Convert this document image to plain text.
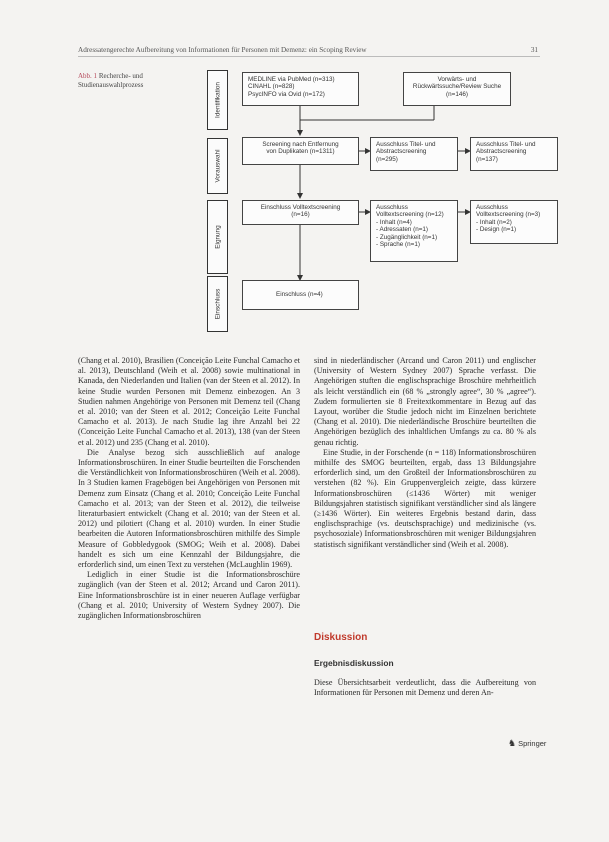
Adressatengerechte Aufbereitung von Informationen für Personen mit Demenz: ein Scoping Review	31
Abb. 1 Recherche- und Studienauswahlprozess	Identifikation
Vorauswahl
Eignung
Einschluss
MEDLINE via PubMed (n=313)
CINAHL (n=828)
PsycINFO via Ovid (n=172)
Vorwärts- und
Rückwärtssuche/Review Suche
(n=146)
Screening nach Entfernung
von Duplikaten (n=1311)
Ausschluss Titel- und
Abstractscreening
(n=295)
Ausschluss Titel- und
Abstractscreening
(n=137)
Einschluss Volltextscreening
(n=16)
Ausschluss
Volltextscreening (n=12)
- Inhalt (n=4)
- Adressaten (n=1)
- Zugänglichkeit (n=1)
- Sprache (n=1)
Ausschluss
Volltextscreening (n=3)
- Inhalt (n=2)
- Design (n=1)
Einschluss (n=4)

(Chang et al. 2010), Brasilien (Conceição Leite Funchal Camacho et al. 2013), Deutschland (Weih et al. 2008) sowie multinational in Kanada, den Niederlanden und Italien (van der Steen et al. 2012). In keine Studie wurden Personen mit Demenz einbezogen. An 3 Studien nahmen Angehörige von Personen mit Demenz teil (Chang et al. 2010; van der Steen et al. 2012; Conceição Leite Funchal Camacho et al. 2013). Je nach Studie lag ihre Anzahl bei 22 (Conceição Leite Funchal Camacho et al. 2013), 138 (van der Steen et al. 2012) und 235 (Chang et al. 2010).

Die Analyse bezog sich ausschließlich auf analoge Informationsbroschüren. In einer Studie beurteilten die Forschenden die Verständlichkeit von Informationsbroschüren (Weih et al. 2008). In 3 Studien kamen Fragebögen bei Angehörigen von Personen mit Demenz zum Einsatz (Chang et al. 2010; Conceição Leite Funchal Camacho et al. 2013; van der Steen et al. 2012), die teilweise literaturbasiert entwickelt (Chang et al. 2010; van der Steen et al. 2012) und pilotiert (Chang et al. 2010) wurden. In einer Studie bearbeiten die Autoren Informationsbroschüren mithilfe des Simple Measure of Gobbledygook (SMOG; Weih et al. 2008). Dabei handelt es sich um eine Kennzahl der Bildungsjahre, die erforderlich sind, um einen Text zu verstehen (McLaughlin 1969).

Lediglich in einer Studie ist die Informationsbroschüre zugänglich (van der Steen et al. 2012; Arcand und Caron 2011). Eine Informationsbroschüre ist in einer neueren Auflage verfügbar (Chang et al. 2010; University of Western Sydney 2007). Die zugänglichen Informationsbroschüren

sind in niederländischer (Arcand und Caron 2011) und englischer (University of Western Sydney 2007) Sprache verfasst. Die Angehörigen stuften die englischsprachige Broschüre mehrheitlich als leicht verständlich ein (68 % „strongly agree“, 30 % „agree“). Zudem formulierten sie 8 Freitextkommentare in Bezug auf das Layout, worüber die Studie jedoch nicht im Einzelnen berichtete (Chang et al. 2010). Die niederländische Broschüre beurteilten die Angehörigen bezüglich des inhaltlichen Umfangs zu ca. 80 % als genau richtig.

Eine Studie, in der Forschende (n = 118) Informationsbroschüren mithilfe des SMOG beurteilten, ergab, dass 13 Bildungsjahre erforderlich sind, um den Großteil der Informationsbroschüren zu verstehen (82 %). Ein Gruppenvergleich zeigte, dass kürzere Informationsbroschüren (≤1436 Wörter) mit weniger Bildungsjahren statistisch signifikant verständlicher sind als längere (≥1436 Wörter). Ein weiteres Ergebnis bestand darin, dass englischsprachige (vs. deutschsprachige) und medizinische (vs. psychosoziale) Informationsbroschüren mit weniger Bildungsjahren statistisch signifikant verständlicher sind (Weih et al. 2008).

Diskussion
Ergebnisdiskussion
Diese Übersichtsarbeit verdeutlicht, dass die Aufbereitung von Informationen für Personen mit Demenz und deren An-
♞ Springer
